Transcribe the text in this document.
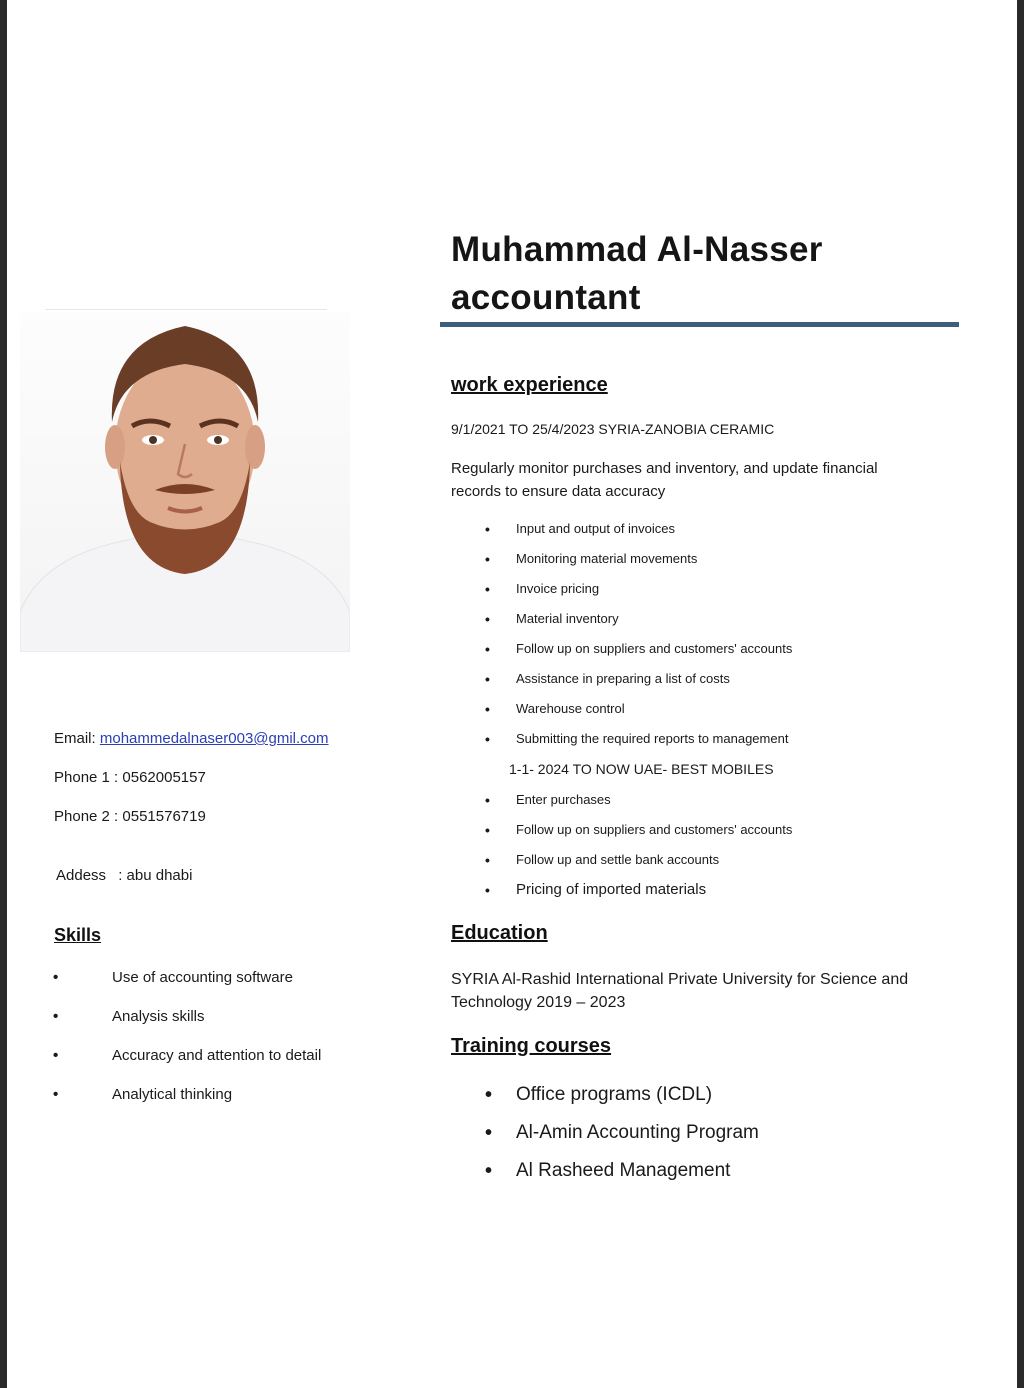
Muhammad Al-Nasser
accountant
work experience
9/1/2021 TO 25/4/2023 SYRIA-ZANOBIA CERAMIC
Regularly monitor purchases and inventory, and update financial records to ensure data accuracy
• Input and output of invoices
• Monitoring material movements
• Invoice pricing
• Material inventory
• Follow up on suppliers and customers' accounts
• Assistance in preparing a list of costs
• Warehouse control
• Submitting the required reports to management
1-1- 2024 TO NOW UAE- BEST MOBILES
• Enter purchases
• Follow up on suppliers and customers' accounts
• Follow up and settle bank accounts
• Pricing of imported materials
Education
SYRIA Al-Rashid International Private University for Science and Technology 2019 – 2023
Training courses
• Office programs (ICDL)
• Al-Amin Accounting Program
• Al Rasheed Management
Email: mohammedalnaser003@gmil.com
Phone 1 : 0562005157
Phone 2 : 0551576719
Addess : abu dhabi
Skills
• Use of accounting software
• Analysis skills
• Accuracy and attention to detail
• Analytical thinking
